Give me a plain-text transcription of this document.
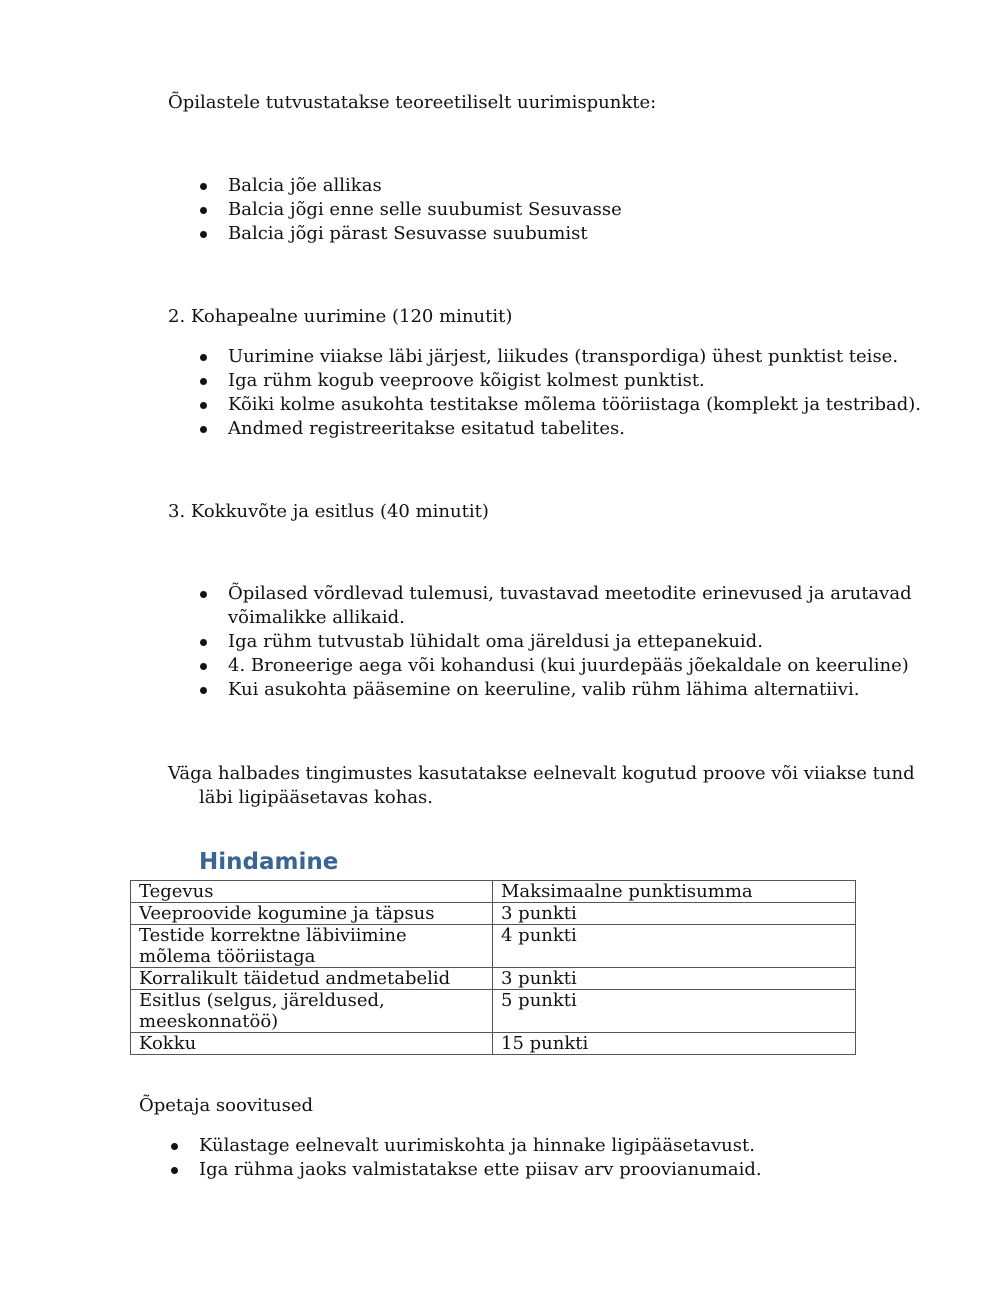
Õpilastele tutvustatakse teoreetiliselt uurimispunkte:
Balcia jõe allikas
Balcia jõgi enne selle suubumist Sesuvasse
Balcia jõgi pärast Sesuvasse suubumist
2. Kohapealne uurimine (120 minutit)
Uurimine viiakse läbi järjest, liikudes (transpordiga) ühest punktist teise.
Iga rühm kogub veeproove kõigist kolmest punktist.
Kõiki kolme asukohta testitakse mõlema tööriistaga (komplekt ja testribad).
Andmed registreeritakse esitatud tabelites.
3. Kokkuvõte ja esitlus (40 minutit)
Õpilased võrdlevad tulemusi, tuvastavad meetodite erinevused ja arutavad
võimalikke allikaid.
Iga rühm tutvustab lühidalt oma järeldusi ja ettepanekuid.
4. Broneerige aega või kohandusi (kui juurdepääs jõekaldale on keeruline)
Kui asukohta pääsemine on keeruline, valib rühm lähima alternatiivi.
Väga halbades tingimustes kasutatakse eelnevalt kogutud proove või viiakse tund
läbi ligipääsetavas kohas.
Hindamine
Tegevus	Maksimaalne punktisumma
Veeproovide kogumine ja täpsus	3 punkti
Testide korrektne läbiviimine
mõlema tööriistaga	4 punkti
Korralikult täidetud andmetabelid	3 punkti
Esitlus (selgus, järeldused,
meeskonnatöö)	5 punkti
Kokku	15 punkti
Õpetaja soovitused
Külastage eelnevalt uurimiskohta ja hinnake ligipääsetavust.
Iga rühma jaoks valmistatakse ette piisav arv proovianumaid.
